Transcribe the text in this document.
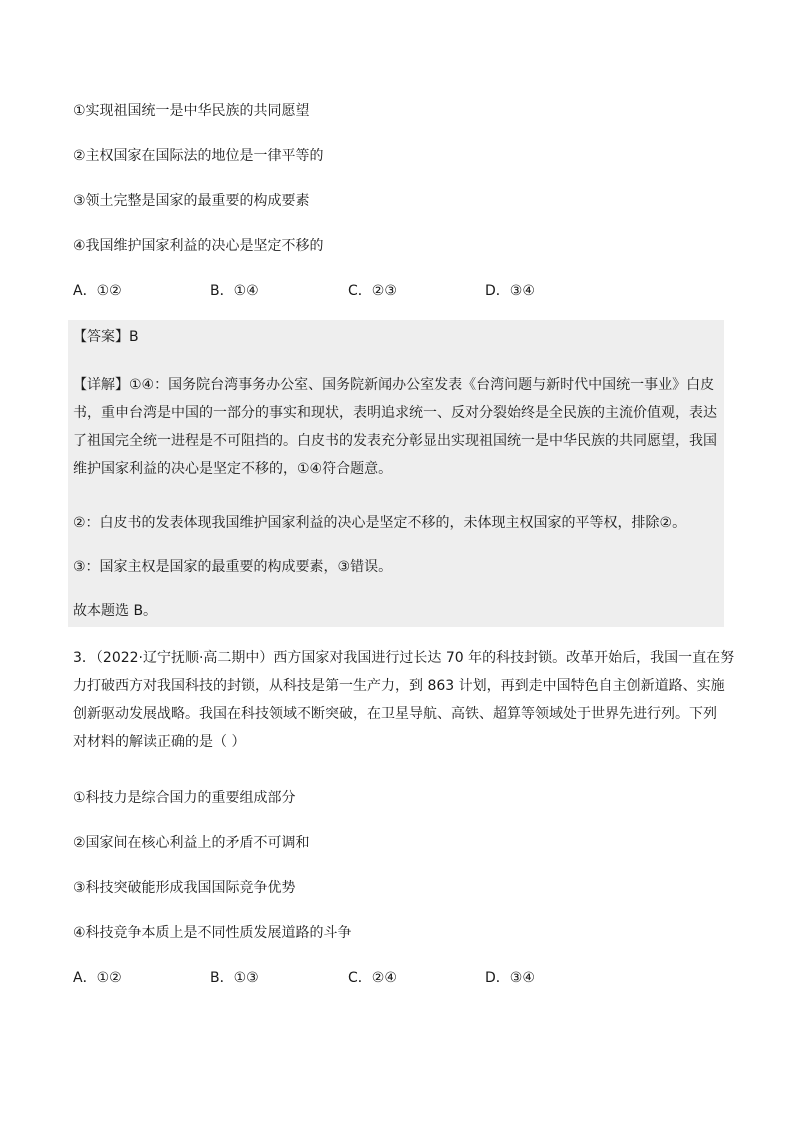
①实现祖国统一是中华民族的共同愿望
②主权国家在国际法的地位是一律平等的
③领土完整是国家的最重要的构成要素
④我国维护国家利益的决心是坚定不移的
A．①②	B．①④	C．②③	D．③④
【答案】B
【详解】①④：国务院台湾事务办公室、国务院新闻办公室发表《台湾问题与新时代中国统一事业》白皮
书，重申台湾是中国的一部分的事实和现状，表明追求统一、反对分裂始终是全民族的主流价值观，表达
了祖国完全统一进程是不可阻挡的。白皮书的发表充分彰显出实现祖国统一是中华民族的共同愿望，我国
维护国家利益的决心是坚定不移的，①④符合题意。
②：白皮书的发表体现我国维护国家利益的决心是坚定不移的，未体现主权国家的平等权，排除②。
③：国家主权是国家的最重要的构成要素，③错误。
故本题选 B。
3．（2022·辽宁抚顺·高二期中）西方国家对我国进行过长达 70 年的科技封锁。改革开始后，我国一直在努
力打破西方对我国科技的封锁，从科技是第一生产力，到 863 计划，再到走中国特色自主创新道路、实施
创新驱动发展战略。我国在科技领域不断突破，在卫星导航、高铁、超算等领域处于世界先进行列。下列
对材料的解读正确的是（ ）
①科技力是综合国力的重要组成部分
②国家间在核心利益上的矛盾不可调和
③科技突破能形成我国国际竞争优势
④科技竞争本质上是不同性质发展道路的斗争
A．①②	B．①③	C．②④	D．③④
